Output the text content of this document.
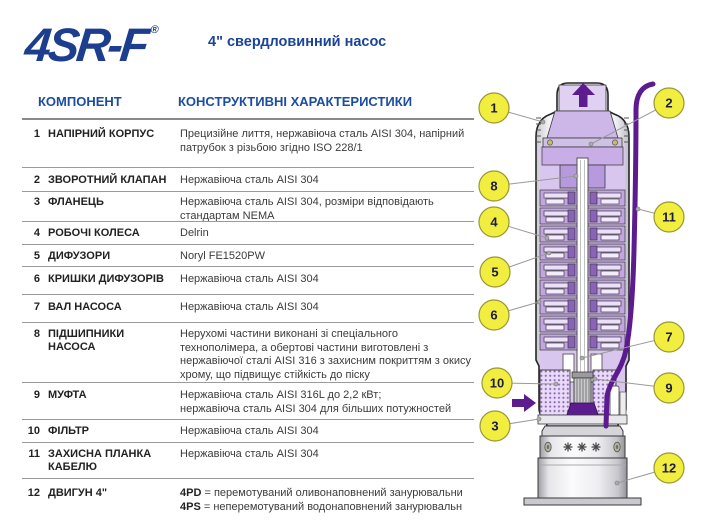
4SR-F®
4" свердловинний насос
КОМПОНЕНТ	КОНСТРУКТИВНІ ХАРАКТЕРИСТИКИ
1 НАПІРНИЙ КОРПУС	Прецизійне лиття, нержавіюча сталь AISI 304, напірний
патрубок з різьбою згідно ISO 228/1
2 ЗВОРОТНИЙ КЛАПАН	Нержавіюча сталь AISI 304
3 ФЛАНЕЦЬ	Нержавіюча сталь AISI 304, розміри відповідають
стандартам NEMA
4 РОБОЧІ КОЛЕСА	Delrin
5 ДИФУЗОРИ	Noryl FE1520PW
6 КРИШКИ ДИФУЗОРІВ	Нержавіюча сталь AISI 304
7 ВАЛ НАСОСА	Нержавіюча сталь AISI 304
8 ПІДШИПНИКИ НАСОСА
Нерухомі частини виконані зі спеціального
технополімера, а обертові частини виготовлені з
нержавіючої сталі AISI 316 з захисним покриттям з окису
хрому, що підвищує стійкість до піску
9 МУФТА	Нержавіюча сталь AISI 316L до 2,2 кВт;
нержавіюча сталь AISI 304 для більших потужностей
10 ФІЛЬТР	Нержавіюча сталь AISI 304
11 ЗАХИСНА ПЛАНКА КАБЕЛЮ
Нержавіюча сталь AISI 304
12 ДВИГУН 4"	4PD = перемотуваний оливонаповнений занурювальни
4PS = неперемотуваний водонаповнений занурювальн
1	2
8
4	11
5
6
7
10	9
3
12
